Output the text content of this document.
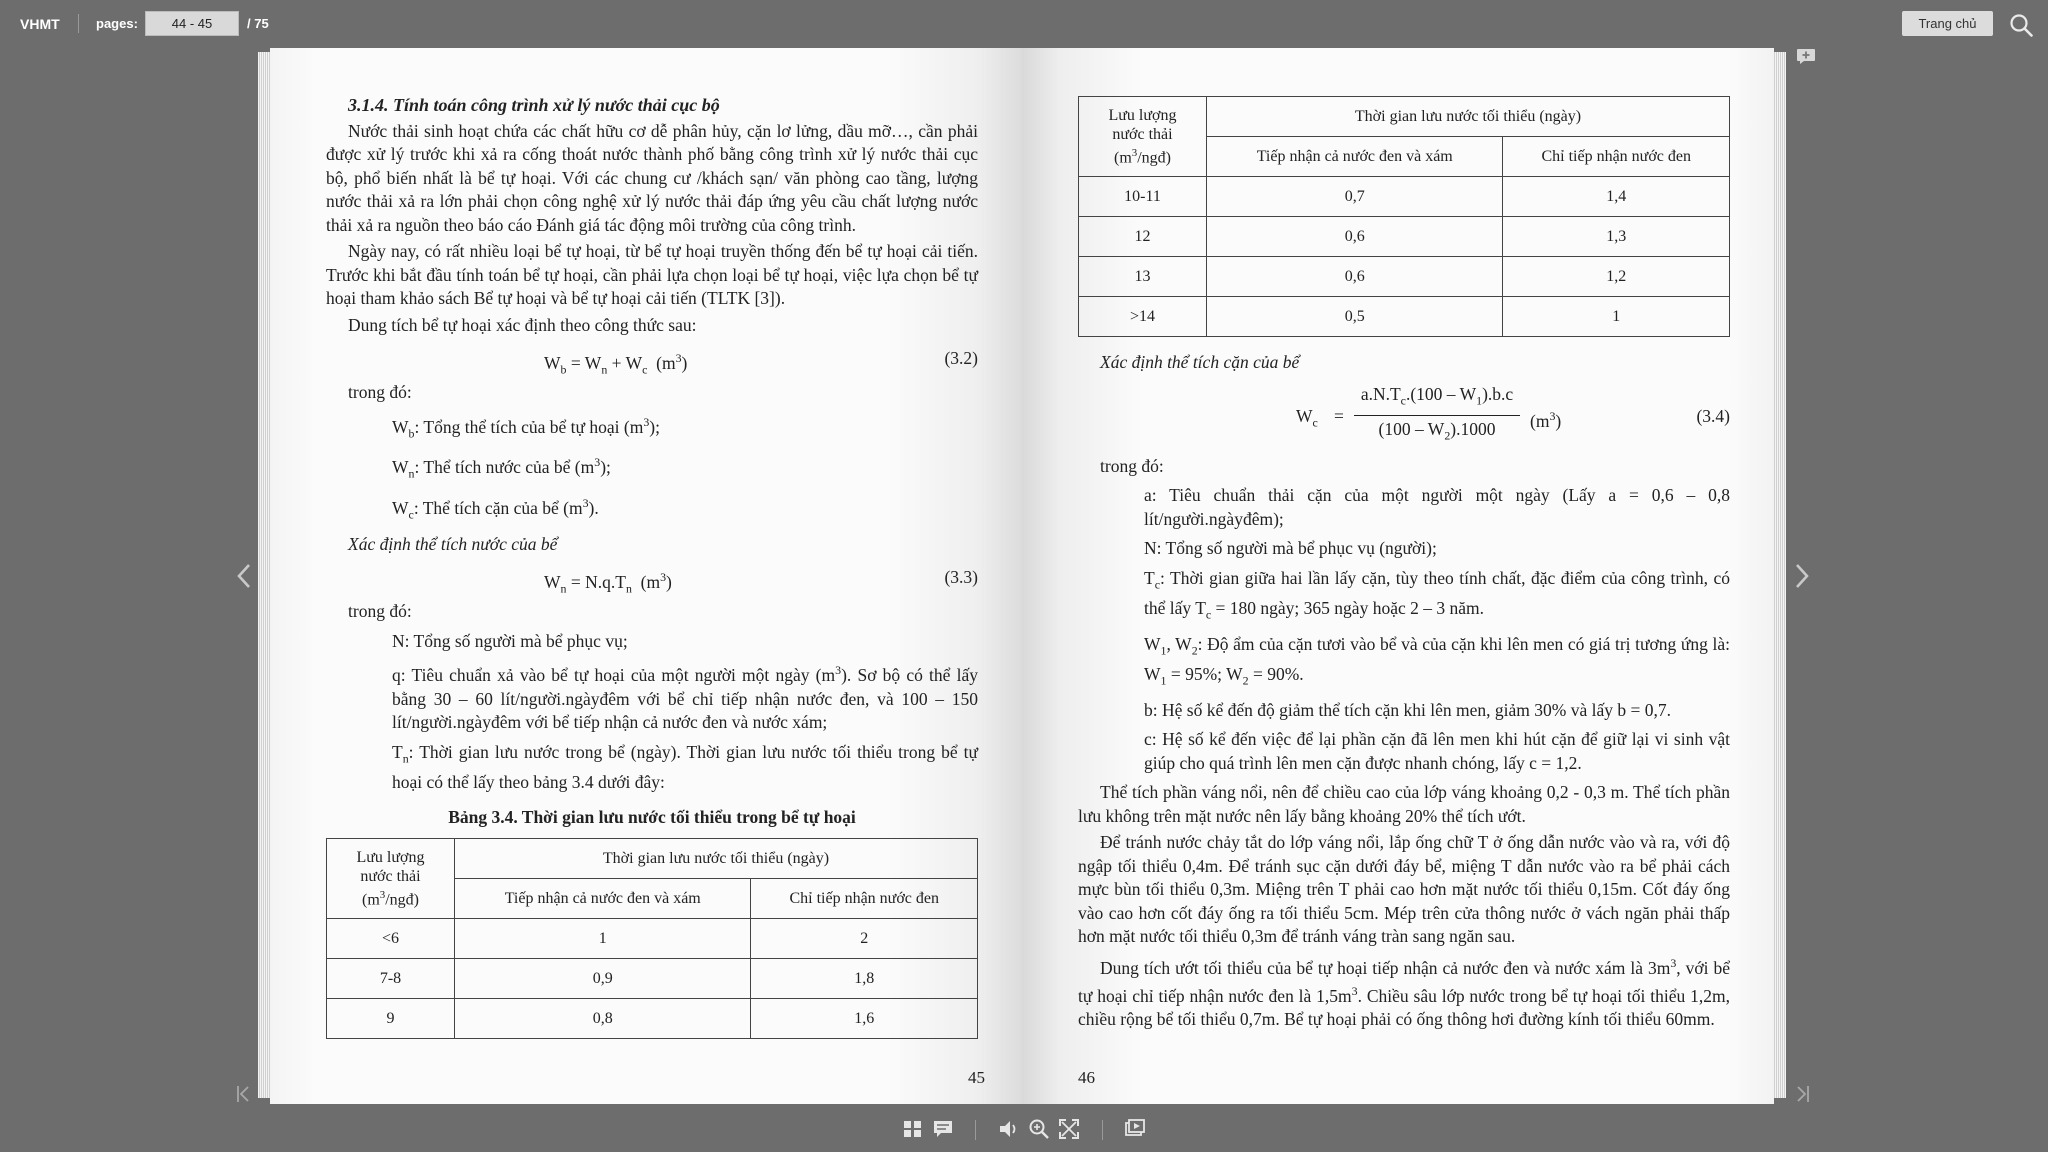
VHMT	pages:
44 - 45	/ 75	Trang chủ
3.1.4. Tính toán công trình xử lý nước thải cục bộ

Nước thải sinh hoạt chứa các chất hữu cơ dễ phân hủy, cặn lơ lửng, dầu mỡ…, cần phải được xử lý trước khi xả ra cống thoát nước thành phố bằng công trình xử lý nước thải cục bộ, phổ biến nhất là bể tự hoại. Với các chung cư /khách sạn/ văn phòng cao tầng, lượng nước thải xả ra lớn phải chọn công nghệ xử lý nước thải đáp ứng yêu cầu chất lượng nước thải xả ra nguồn theo báo cáo Đánh giá tác động môi trường của công trình.

Ngày nay, có rất nhiều loại bể tự hoại, từ bể tự hoại truyền thống đến bể tự hoại cải tiến. Trước khi bắt đầu tính toán bể tự hoại, cần phải lựa chọn loại bể tự hoại, việc lựa chọn bể tự hoại tham khảo sách Bể tự hoại và bể tự hoại cải tiến (TLTK [3]).

Dung tích bể tự hoại xác định theo công thức sau:

$W_b = W_n + W_c$  $(m^3)$	(3.2)

trong đó:

$W_b$: Tổng thể tích của bể tự hoại $(m^3)$;

$W_n$: Thể tích nước của bể $(m^3)$;

$W_c$: Thể tích cặn của bể $(m^3)$.

Xác định thể tích nước của bể

$W_n = N.q.T_n$  $(m^3)$	(3.3)

trong đó:

N: Tổng số người mà bể phục vụ;

q: Tiêu chuẩn xả vào bể tự hoại của một người một ngày $(m^3)$. Sơ bộ có thể lấy bằng 30 – 60 lít/người.ngàyđêm với bể chỉ tiếp nhận nước đen, và 100 – 150 lít/người.ngàyđêm với bể tiếp nhận cả nước đen và nước xám;

$T_n$: Thời gian lưu nước trong bể (ngày). Thời gian lưu nước tối thiểu trong bể tự hoại có thể lấy theo bảng 3.4 dưới đây:

Bảng 3.4. Thời gian lưu nước tối thiểu trong bể tự hoại

Lưu lượng
nước thải
$(m^3/ngđ)$	Thời gian lưu nước tối thiểu (ngày)	
	Tiếp nhận cả nước đen và xám	Chỉ tiếp nhận nước đen
<6	1	2
7-8	0,9	1,8
9	0,8	1,6
45
Lưu lượng
nước thải
$(m^3/ngđ)$	Thời gian lưu nước tối thiểu (ngày)	
	Tiếp nhận cả nước đen và xám	Chỉ tiếp nhận nước đen
10-11	0,7	1,4
12	0,6	1,3
13	0,6	1,2
>14	0,5	1

Xác định thể tích cặn của bể

$W_c = \frac{a.N.T_c.(100 - W_1).b.c}{(100 - W_2).1000} (m^3)$	(3.4)

trong đó:

a: Tiêu chuẩn thải cặn của một người một ngày (Lấy a = 0,6 – 0,8 lít/người.ngàyđêm);

N: Tổng số người mà bể phục vụ (người);

$T_c$: Thời gian giữa hai lần lấy cặn, tùy theo tính chất, đặc điểm của công trình, có thể lấy $T_c = 180$ ngày; 365 ngày hoặc 2 – 3 năm.

$W_1$, $W_2$: Độ ẩm của cặn tươi vào bể và của cặn khi lên men có giá trị tương ứng là: $W_1 = 95\%$; $W_2 = 90\%$.

b: Hệ số kể đến độ giảm thể tích cặn khi lên men, giảm 30% và lấy b = 0,7.

c: Hệ số kể đến việc để lại phần cặn đã lên men khi hút cặn để giữ lại vi sinh vật giúp cho quá trình lên men cặn được nhanh chóng, lấy c = 1,2.

Thể tích phần váng nổi, nên để chiều cao của lớp váng khoảng 0,2 - 0,3 m. Thể tích phần lưu không trên mặt nước nên lấy bằng khoảng 20% thể tích ướt.

Để tránh nước chảy tắt do lớp váng nổi, lắp ống chữ T ở ống dẫn nước vào và ra, với độ ngập tối thiểu 0,4m. Để tránh sục cặn dưới đáy bể, miệng T dẫn nước vào ra bể phải cách mực bùn tối thiểu 0,3m. Miệng trên T phải cao hơn mặt nước tối thiểu 0,15m. Cốt đáy ống vào cao hơn cốt đáy ống ra tối thiểu 5cm. Mép trên cửa thông nước ở vách ngăn phải thấp hơn mặt nước tối thiểu 0,3m để tránh váng tràn sang ngăn sau.

Dung tích ướt tối thiểu của bể tự hoại tiếp nhận cả nước đen và nước xám là $3m^3$, với bể tự hoại chỉ tiếp nhận nước đen là $1,5m^3$. Chiều sâu lớp nước trong bể tự hoại tối thiểu 1,2m, chiều rộng bể tối thiểu 0,7m. Bể tự hoại phải có ống thông hơi đường kính tối thiểu 60mm.

46
